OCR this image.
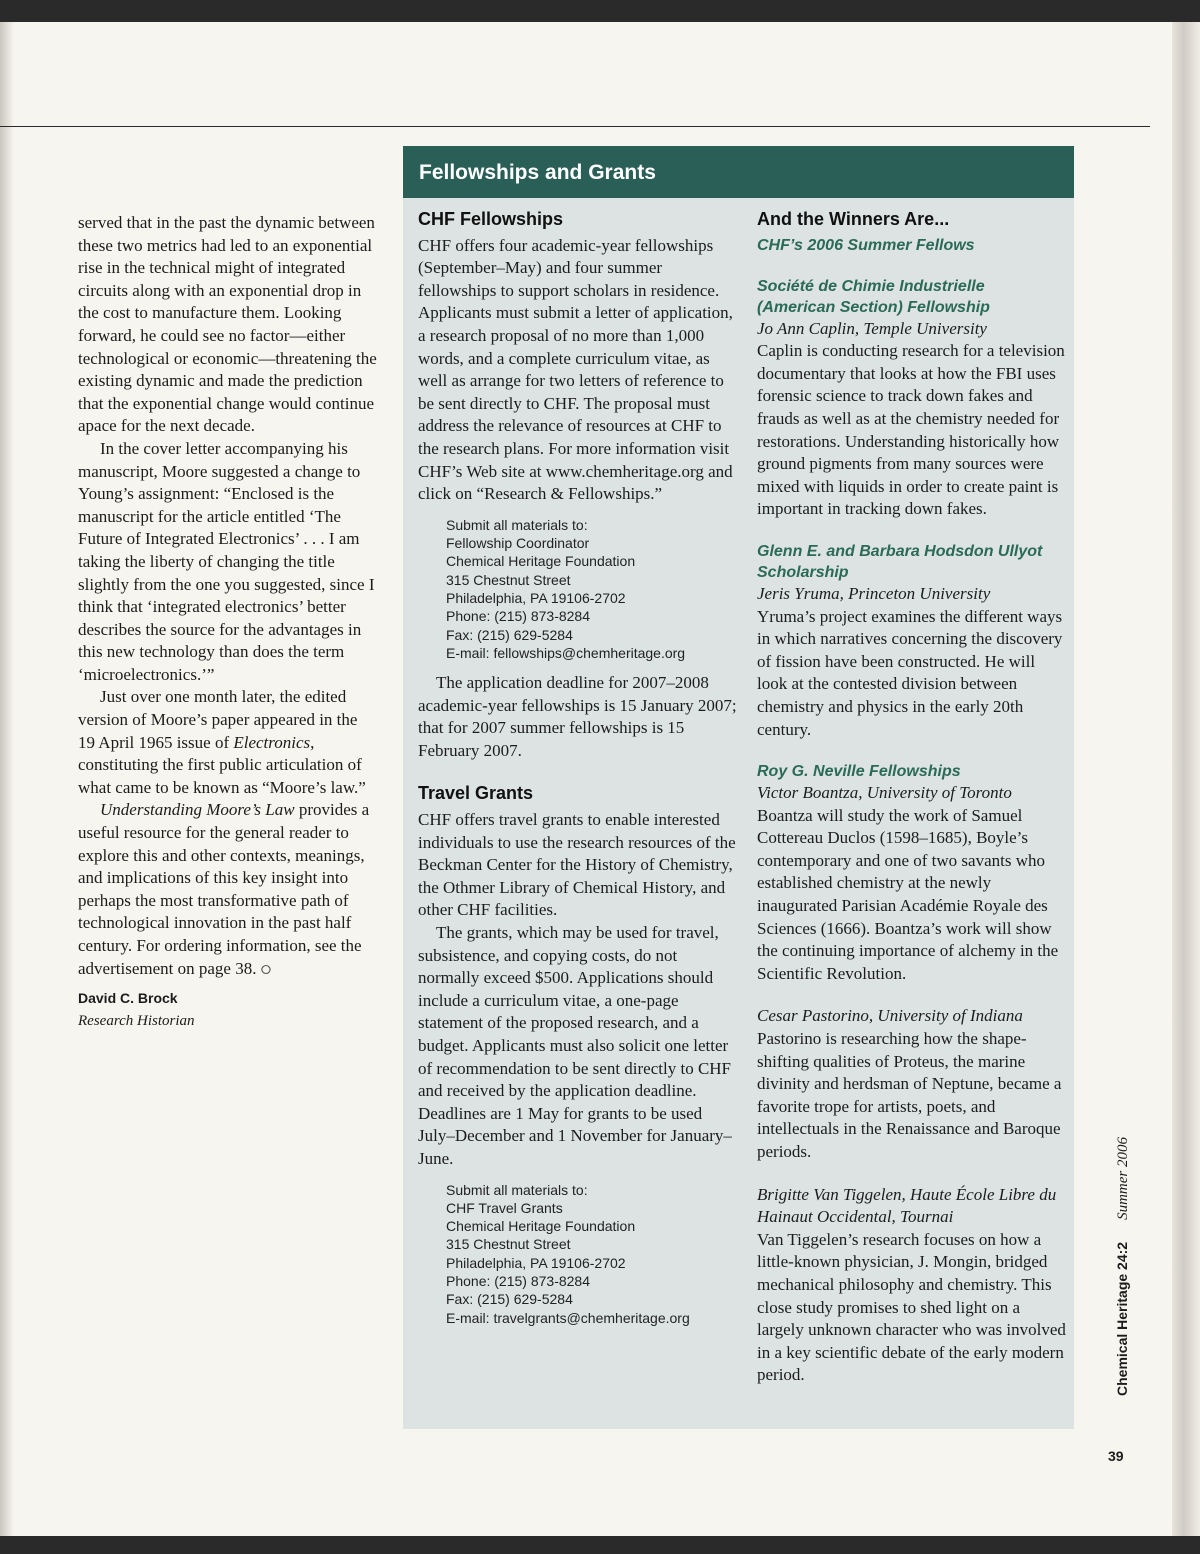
served that in the past the dynamic between these two metrics had led to an exponential rise in the technical might of integrated circuits along with an exponential drop in the cost to manufacture them. Looking forward, he could see no factor—either technological or economic—threatening the existing dynamic and made the prediction that the exponential change would continue apace for the next decade.

In the cover letter accompanying his manuscript, Moore suggested a change to Young’s assignment: “Enclosed is the manuscript for the article entitled ‘The Future of Integrated Electronics’ . . . I am taking the liberty of changing the title slightly from the one you suggested, since I think that ‘integrated electronics’ better describes the source for the advantages in this new technology than does the term ‘microelectronics.’”

Just over one month later, the edited version of Moore’s paper appeared in the 19 April 1965 issue of Electronics, constituting the first public articulation of what came to be known as “Moore’s law.”

Understanding Moore’s Law provides a useful resource for the general reader to explore this and other contexts, meanings, and implications of this key insight into perhaps the most transformative path of technological innovation in the past half century. For ordering information, see the advertisement on page 38. ⭘

David C. Brock

Research Historian

Fellowships and Grants
CHF Fellowships

CHF offers four academic-year fellowships (September–May) and four summer fellowships to support scholars in residence. Applicants must submit a letter of application, a research proposal of no more than 1,000 words, and a complete curriculum vitae, as well as arrange for two letters of reference to be sent directly to CHF. The proposal must address the relevance of resources at CHF to the research plans. For more information visit CHF’s Web site at www.chemheritage.org and click on “Research & Fellowships.”

Submit all materials to:
Fellowship Coordinator
Chemical Heritage Foundation
315 Chestnut Street
Philadelphia, PA 19106-2702
Phone: (215) 873-8284
Fax: (215) 629-5284
E-mail: fellowships@chemheritage.org

The application deadline for 2007–2008 academic-year fellowships is 15 January 2007; that for 2007 summer fellowships is 15 February 2007.

Travel Grants

CHF offers travel grants to enable interested individuals to use the research resources of the Beckman Center for the History of Chemistry, the Othmer Library of Chemical History, and other CHF facilities.

The grants, which may be used for travel, subsistence, and copying costs, do not normally exceed $500. Applications should include a curriculum vitae, a one-page statement of the proposed research, and a budget. Applicants must also solicit one letter of recommendation to be sent directly to CHF and received by the application deadline. Deadlines are 1 May for grants to be used July–December and 1 November for January–June.

Submit all materials to:
CHF Travel Grants
Chemical Heritage Foundation
315 Chestnut Street
Philadelphia, PA 19106-2702
Phone: (215) 873-8284
Fax: (215) 629-5284
E-mail: travelgrants@chemheritage.org
And the Winners Are...
CHF’s 2006 Summer Fellows
Société de Chimie Industrielle (American Section) Fellowship

Jo Ann Caplin, Temple University

Caplin is conducting research for a television documentary that looks at how the FBI uses forensic science to track down fakes and frauds as well as at the chemistry needed for restorations. Understanding historically how ground pigments from many sources were mixed with liquids in order to create paint is important in tracking down fakes.

Glenn E. and Barbara Hodsdon Ullyot Scholarship

Jeris Yruma, Princeton University

Yruma’s project examines the different ways in which narratives concerning the discovery of fission have been constructed. He will look at the contested division between chemistry and physics in the early 20th century.

Roy G. Neville Fellowships

Victor Boantza, University of Toronto

Boantza will study the work of Samuel Cottereau Duclos (1598–1685), Boyle’s contemporary and one of two savants who established chemistry at the newly inaugurated Parisian Académie Royale des Sciences (1666). Boantza’s work will show the continuing importance of alchemy in the Scientific Revolution.

Cesar Pastorino, University of Indiana

Pastorino is researching how the shape-shifting qualities of Proteus, the marine divinity and herdsman of Neptune, became a favorite trope for artists, poets, and intellectuals in the Renaissance and Baroque periods.

Brigitte Van Tiggelen, Haute École Libre du Hainaut Occidental, Tournai

Van Tiggelen’s research focuses on how a little-known physician, J. Mongin, bridged mechanical philosophy and chemistry. This close study promises to shed light on a largely unknown character who was involved in a key scientific debate of the early modern period.	Chemical Heritage 24:2Summer 2006
39
